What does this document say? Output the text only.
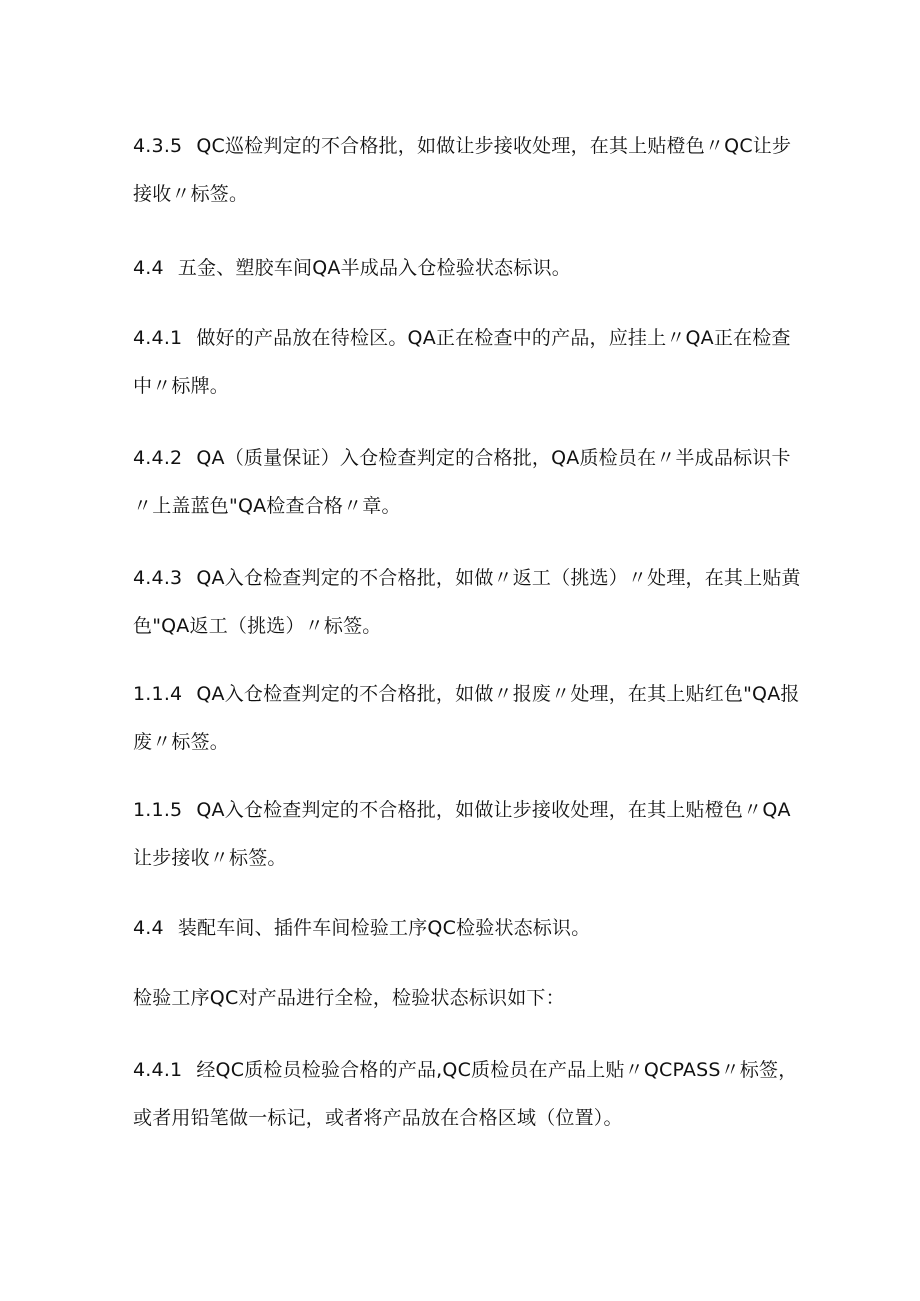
4.3.5 QC巡检判定的不合格批，如做让步接收处理，在其上贴橙色〃QC让步接收〃标签。

4.4 五金、塑胶车间QA半成品入仓检验状态标识。

4.4.1 做好的产品放在待检区。QA正在检查中的产品，应挂上〃QA正在检查中〃标牌。

4.4.2 QA（质量保证）入仓检查判定的合格批，QA质检员在〃半成品标识卡〃上盖蓝色"QA检查合格〃章。

4.4.3 QA入仓检查判定的不合格批，如做〃返工（挑选）〃处理，在其上贴黄色"QA返工（挑选）〃标签。

1.1.4 QA入仓检查判定的不合格批，如做〃报废〃处理，在其上贴红色"QA报废〃标签。

1.1.5 QA入仓检查判定的不合格批，如做让步接收处理，在其上贴橙色〃QA让步接收〃标签。

4.4 装配车间、插件车间检验工序QC检验状态标识。

检验工序QC对产品进行全检，检验状态标识如下：

4.4.1 经QC质检员检验合格的产品,QC质检员在产品上贴〃QCPASS〃标签，或者用铅笔做一标记，或者将产品放在合格区域（位置）。
